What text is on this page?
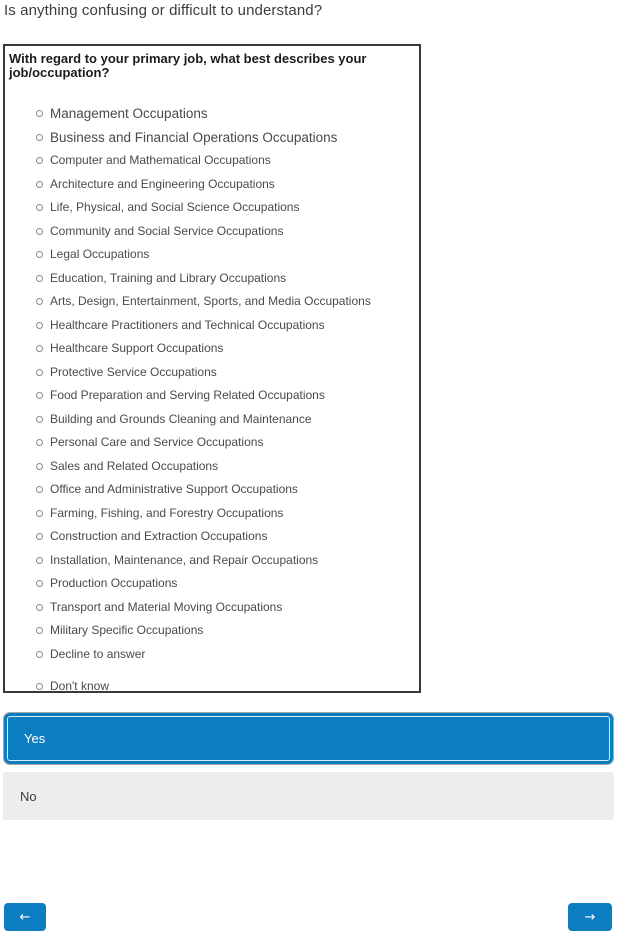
Is anything confusing or difficult to understand?
With regard to your primary job, what best describes your job/occupation?
Management Occupations
Business and Financial Operations Occupations
Computer and Mathematical Occupations
Architecture and Engineering Occupations
Life, Physical, and Social Science Occupations
Community and Social Service Occupations
Legal Occupations
Education, Training and Library Occupations
Arts, Design, Entertainment, Sports, and Media Occupations
Healthcare Practitioners and Technical Occupations
Healthcare Support Occupations
Protective Service Occupations
Food Preparation and Serving Related Occupations
Building and Grounds Cleaning and Maintenance
Personal Care and Service Occupations
Sales and Related Occupations
Office and Administrative Support Occupations
Farming, Fishing, and Forestry Occupations
Construction and Extraction Occupations
Installation, Maintenance, and Repair Occupations
Production Occupations
Transport and Material Moving Occupations
Military Specific Occupations
Decline to answer
Don't know
Yes
No
←	→
